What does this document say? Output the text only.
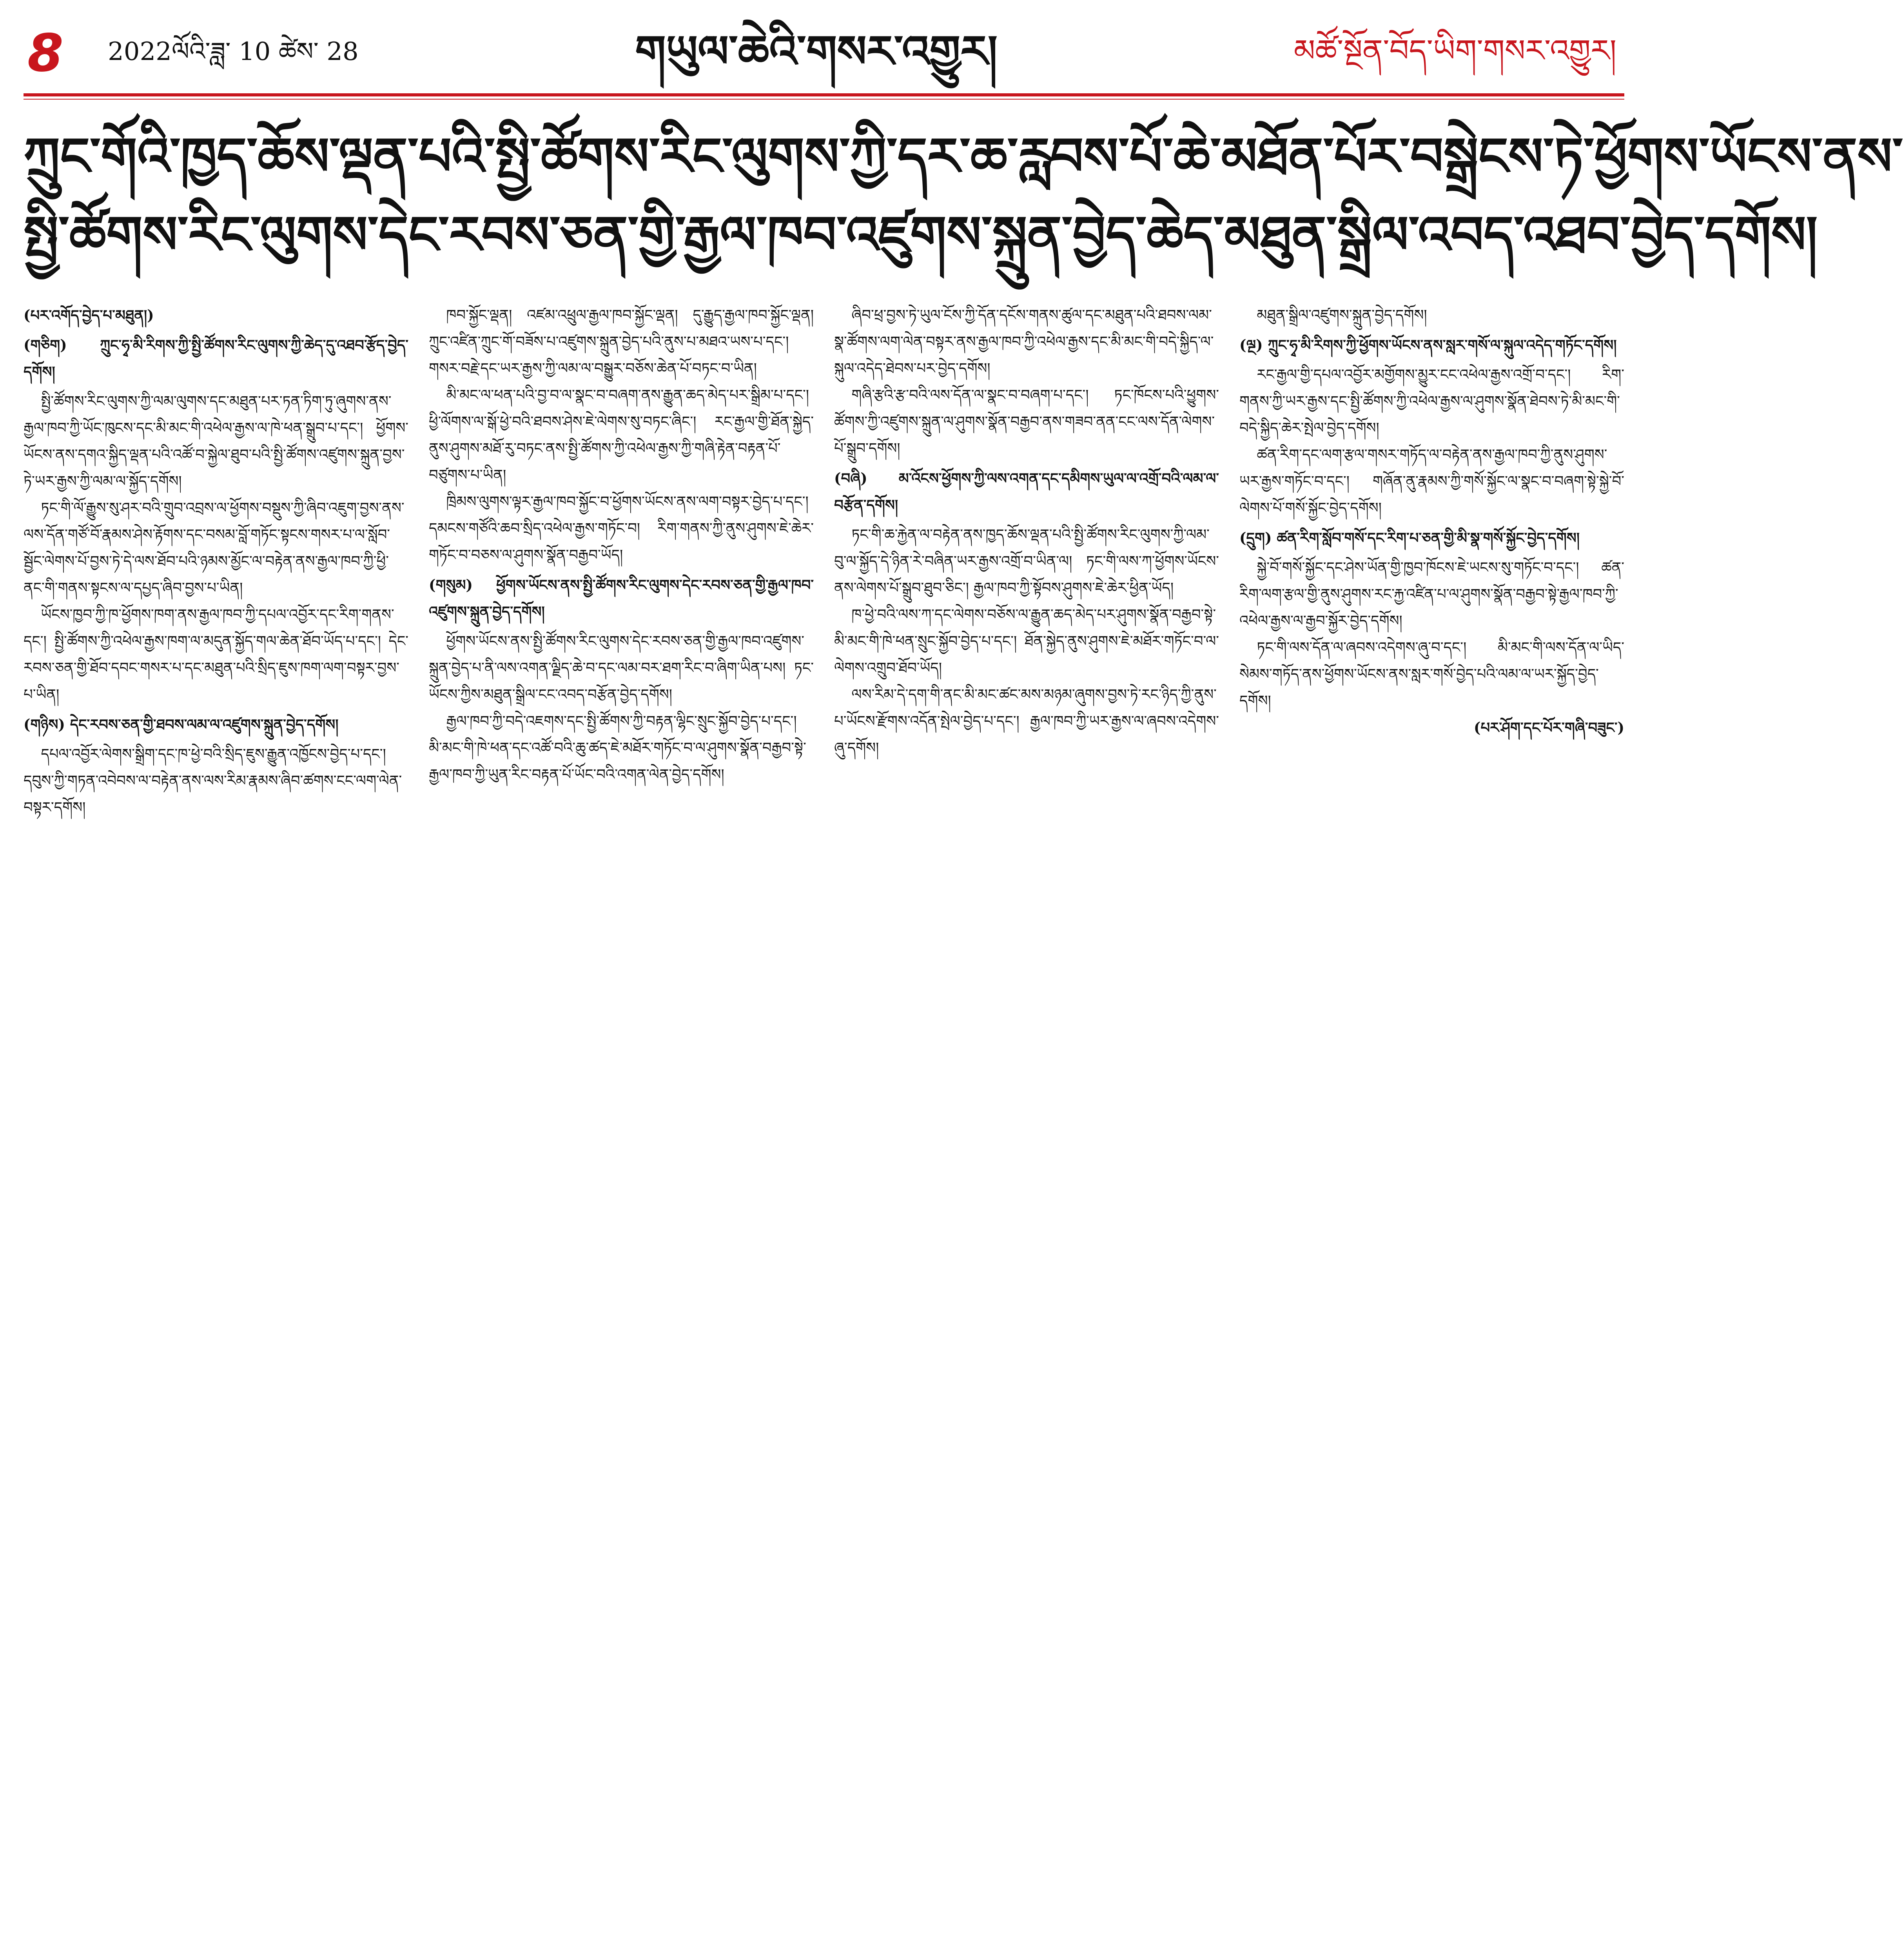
8 2022ལོའི་ཟླ་ 10 ཚེས་ 28	གཡུལ་ཆེའི་གསར་འགྱུར།	མཚོ་སྔོན་བོད་ཡིག་གསར་འགྱུར།
ཀྲུང་གོའི་ཁྱད་ཆོས་ལྡན་པའི་སྤྱི་ཚོགས་རིང་ལུགས་ཀྱི་དར་ཆ་རླབས་པོ་ཆེ་མཐོན་པོར་བསྒྲེངས་ཏེ་ཕྱོགས་ཡོངས་ནས་
སྤྱི་ཚོགས་རིང་ལུགས་དེང་རབས་ཅན་གྱི་རྒྱལ་ཁབ་འཛུགས་སྐྲུན་བྱེད་ཆེད་མཐུན་སྒྲིལ་འབད་འཐབ་བྱེད་དགོས།
(པར་འགོད་བྱེད་པ་མཐུན།)
(གཅིག) ཀྲུང་ཧྭ་མི་རིགས་ཀྱི་སྤྱི་ཚོགས་རིང་ལུགས་ཀྱི་ཆེད་དུ་འཐབ་རྩོད་བྱེད་དགོས།

སྤྱི་ཚོགས་རིང་ལུགས་ཀྱི་ལམ་ལུགས་དང་མཐུན་པར་ཏན་ཏིག་ཏུ་ཞུགས་ནས་རྒྱལ་ཁབ་ཀྱི་ཡོང་ཁུངས་དང་མི་མང་གི་འཕེལ་རྒྱས་ལ་ཁེ་ཕན་སྒྲུབ་པ་དང༌། ཕྱོགས་ཡོངས་ནས་དགའ་སྐྱིད་ལྡན་པའི་འཚོ་བ་སྐྱེལ་ཐུབ་པའི་སྤྱི་ཚོགས་འཛུགས་སྐྲུན་བྱས་ཏེ་ཡར་རྒྱས་ཀྱི་ལམ་ལ་སྐྱོད་དགོས།

ཏང་གི་ལོ་རྒྱུས་སུ་ཤར་བའི་གྲུབ་འབྲས་ལ་ཕྱོགས་བསྡུས་ཀྱི་ཞིབ་འཇུག་བྱས་ནས་ལས་དོན་གཙོ་བོ་རྣམས་ཤེས་རྟོགས་དང་བསམ་བློ་གཏོང་སྟངས་གསར་པ་ལ་སློབ་སྦྱོང་ལེགས་པོ་བྱས་ཏེ་དེ་ལས་ཐོབ་པའི་ཉམས་མྱོང་ལ་བརྟེན་ནས་རྒྱལ་ཁབ་ཀྱི་ཕྱི་ནང་གི་གནས་སྟངས་ལ་དཔྱད་ཞིབ་བྱས་པ་ཡིན།

ཡོངས་ཁྱབ་ཀྱི་ཁ་ཕྱོགས་ཁག་ནས་རྒྱལ་ཁབ་ཀྱི་དཔལ་འབྱོར་དང་རིག་གནས་དང༌། སྤྱི་ཚོགས་ཀྱི་འཕེལ་རྒྱས་ཁག་ལ་མདུན་སྐྱོད་གལ་ཆེན་ཐོབ་ཡོད་པ་དང༌། དེང་རབས་ཅན་གྱི་ཐོབ་དབང་གསར་པ་དང་མཐུན་པའི་སྲིད་ཇུས་ཁག་ལག་བསྟར་བྱས་པ་ཡིན།

(གཉིས) དེང་རབས་ཅན་གྱི་ཐབས་ལམ་ལ་འཛུགས་སྐྲུན་བྱེད་དགོས།

དཔལ་འབྱོར་ལེགས་སྒྲིག་དང་ཁ་ཕྱེ་བའི་སྲིད་ཇུས་རྒྱུན་འཁྱོངས་བྱེད་པ་དང༌། དབུས་ཀྱི་གཏན་འབེབས་ལ་བརྟེན་ནས་ལས་རིམ་རྣམས་ཞིབ་ཚགས་ངང་ལག་ལེན་བསྟར་དགོས།

ཁབ་སྐྱོང་ལྡན། འཛམ་འཕྲུལ་རྒྱལ་ཁབ་སྐྱོང་ལྡན། དུ་རྒྱུད་རྒྱལ་ཁབ་སྐྱོང་ལྡན། ཀྲུང་འཛིན་ཀྲུང་གོ་བཟོས་པ་འཛུགས་སྐྲུན་བྱེད་པའི་ནུས་པ་མཐའ་ཡས་པ་དང༌། གསར་བརྗེ་དང་ཡར་རྒྱས་ཀྱི་ལམ་ལ་བསྒྱུར་བཅོས་ཆེན་པོ་བཏང་བ་ཡིན།

མི་མང་ལ་ཕན་པའི་བྱ་བ་ལ་སྣང་བ་བཞག་ནས་རྒྱུན་ཆད་མེད་པར་སྒྲིམ་པ་དང༌། ཕྱི་ལོགས་ལ་སྒོ་ཕྱེ་བའི་ཐབས་ཤེས་ཇེ་ལེགས་སུ་བཏང་ཞིང༌། རང་རྒྱལ་གྱི་ཐོན་སྐྱེད་ནུས་ཤུགས་མཐོ་རུ་བཏང་ནས་སྤྱི་ཚོགས་ཀྱི་འཕེལ་རྒྱས་ཀྱི་གཞི་རྟེན་བརྟན་པོ་བཙུགས་པ་ཡིན།

ཁྲིམས་ལུགས་ལྟར་རྒྱལ་ཁབ་སྐྱོང་བ་ཕྱོགས་ཡོངས་ནས་ལག་བསྟར་བྱེད་པ་དང༌། དམངས་གཙོའི་ཆབ་སྲིད་འཕེལ་རྒྱས་གཏོང་བ། རིག་གནས་ཀྱི་ནུས་ཤུགས་ཇེ་ཆེར་གཏོང་བ་བཅས་ལ་ཤུགས་སྣོན་བརྒྱབ་ཡོད།

(གསུམ) ཕྱོགས་ཡོངས་ནས་སྤྱི་ཚོགས་རིང་ལུགས་དེང་རབས་ཅན་གྱི་རྒྱལ་ཁབ་འཛུགས་སྐྲུན་བྱེད་དགོས།

ཕྱོགས་ཡོངས་ནས་སྤྱི་ཚོགས་རིང་ལུགས་དེང་རབས་ཅན་གྱི་རྒྱལ་ཁབ་འཛུགས་སྐྲུན་བྱེད་པ་ནི་ལས་འགན་ལྗིད་ཆེ་བ་དང་ལམ་བར་ཐག་རིང་བ་ཞིག་ཡིན་པས། ཏང་ཡོངས་ཀྱིས་མཐུན་སྒྲིལ་ངང་འབད་བརྩོན་བྱེད་དགོས།

རྒྱལ་ཁབ་ཀྱི་བདེ་འཇགས་དང་སྤྱི་ཚོགས་ཀྱི་བརྟན་ལྷིང་སྲུང་སྐྱོབ་བྱེད་པ་དང༌། མི་མང་གི་ཁེ་ཕན་དང་འཚོ་བའི་ཆུ་ཚད་ཇེ་མཐོར་གཏོང་བ་ལ་ཤུགས་སྣོན་བརྒྱབ་སྟེ་རྒྱལ་ཁབ་ཀྱི་ཡུན་རིང་བརྟན་པོ་ཡོང་བའི་འགན་ལེན་བྱེད་དགོས།

ཞིབ་ཕྲ་བྱས་ཏེ་ཡུལ་ངོས་ཀྱི་དོན་དངོས་གནས་ཚུལ་དང་མཐུན་པའི་ཐབས་ལམ་སྣ་ཚོགས་ལག་ལེན་བསྟར་ནས་རྒྱལ་ཁབ་ཀྱི་འཕེལ་རྒྱས་དང་མི་མང་གི་བདེ་སྐྱིད་ལ་སྐུལ་འདེད་ཐེབས་པར་བྱེད་དགོས།

གཞི་རྩའི་རྩ་བའི་ལས་དོན་ལ་སྣང་བ་བཞག་པ་དང༌། ཏང་ཁོངས་པའི་ཕྱུགས་ཚོགས་ཀྱི་འཛུགས་སྐྲུན་ལ་ཤུགས་སྣོན་བརྒྱབ་ནས་གཟབ་ནན་ངང་ལས་དོན་ལེགས་པོ་སྒྲུབ་དགོས།

(བཞི) མ་འོངས་ཕྱོགས་ཀྱི་ལས་འགན་དང་དམིགས་ཡུལ་ལ་འགྲོ་བའི་ལམ་ལ་བརྩོན་དགོས།

ཏང་གི་ཆ་རྐྱེན་ལ་བརྟེན་ནས་ཁྱད་ཆོས་ལྡན་པའི་སྤྱི་ཚོགས་རིང་ལུགས་ཀྱི་ལམ་བུ་ལ་སྐྱོད་དེ་ཉིན་རེ་བཞིན་ཡར་རྒྱས་འགྲོ་བ་ཡིན་ལ། ཏང་གི་ལས་ཀ་ཕྱོགས་ཡོངས་ནས་ལེགས་པོ་སྒྲུབ་ཐུབ་ཅིང༌། རྒྱལ་ཁབ་ཀྱི་སྟོབས་ཤུགས་ཇེ་ཆེར་ཕྱིན་ཡོད།

ཁ་ཕྱེ་བའི་ལས་ཀ་དང་ལེགས་བཅོས་ལ་རྒྱུན་ཆད་མེད་པར་ཤུགས་སྣོན་བརྒྱབ་སྟེ་མི་མང་གི་ཁེ་ཕན་སྲུང་སྐྱོབ་བྱེད་པ་དང༌། ཐོན་སྐྱེད་ནུས་ཤུགས་ཇེ་མཐོར་གཏོང་བ་ལ་ལེགས་འགྲུབ་ཐོབ་ཡོད།

ལས་རིམ་དེ་དག་གི་ནང་མི་མང་ཚང་མས་མཉམ་ཞུགས་བྱས་ཏེ་རང་ཉིད་ཀྱི་ནུས་པ་ཡོངས་རྫོགས་འདོན་སྤེལ་བྱེད་པ་དང༌། རྒྱལ་ཁབ་ཀྱི་ཡར་རྒྱས་ལ་ཞབས་འདེགས་ཞུ་དགོས།

མཐུན་སྒྲིལ་འཛུགས་སྐྲུན་བྱེད་དགོས།

(ལྔ) ཀྲུང་ཧྭ་མི་རིགས་ཀྱི་ཕྱོགས་ཡོངས་ནས་སླར་གསོ་ལ་སྐུལ་འདེད་གཏོང་དགོས།

རང་རྒྱལ་གྱི་དཔལ་འབྱོར་མགྱོགས་མྱུར་ངང་འཕེལ་རྒྱས་འགྲོ་བ་དང༌། རིག་གནས་ཀྱི་ཡར་རྒྱས་དང་སྤྱི་ཚོགས་ཀྱི་འཕེལ་རྒྱས་ལ་ཤུགས་སྣོན་ཐེབས་ཏེ་མི་མང་གི་བདེ་སྐྱིད་ཆེར་སྤེལ་བྱེད་དགོས།

ཚན་རིག་དང་ལག་རྩལ་གསར་གཏོད་ལ་བརྟེན་ནས་རྒྱལ་ཁབ་ཀྱི་ནུས་ཤུགས་ཡར་རྒྱས་གཏོང་བ་དང༌། གཞོན་ནུ་རྣམས་ཀྱི་གསོ་སྐྱོང་ལ་སྣང་བ་བཞག་སྟེ་སྐྱེ་བོ་ལེགས་པོ་གསོ་སྐྱོང་བྱེད་དགོས།

(དྲུག) ཚན་རིག་སློབ་གསོ་དང་རིག་པ་ཅན་གྱི་མི་སྣ་གསོ་སྐྱོང་བྱེད་དགོས།

སྐྱེ་བོ་གསོ་སྐྱོང་དང་ཤེས་ཡོན་གྱི་ཁྱབ་ཁོངས་ཇེ་ཡངས་སུ་གཏོང་བ་དང༌། ཚན་རིག་ལག་རྩལ་གྱི་ནུས་ཤུགས་རང་རྐྱ་འཛིན་པ་ལ་ཤུགས་སྣོན་བརྒྱབ་སྟེ་རྒྱལ་ཁབ་ཀྱི་འཕེལ་རྒྱས་ལ་རྒྱབ་སྐྱོར་བྱེད་དགོས།

ཏང་གི་ལས་དོན་ལ་ཞབས་འདེགས་ཞུ་བ་དང༌། མི་མང་གི་ལས་དོན་ལ་ཡིད་སེམས་གཏོད་ནས་ཕྱོགས་ཡོངས་ནས་སླར་གསོ་བྱེད་པའི་ལམ་ལ་ཡར་སྐྱོད་བྱེད་དགོས།

(པར་ཤོག་དང་པོར་གཞི་བཟུང་)
